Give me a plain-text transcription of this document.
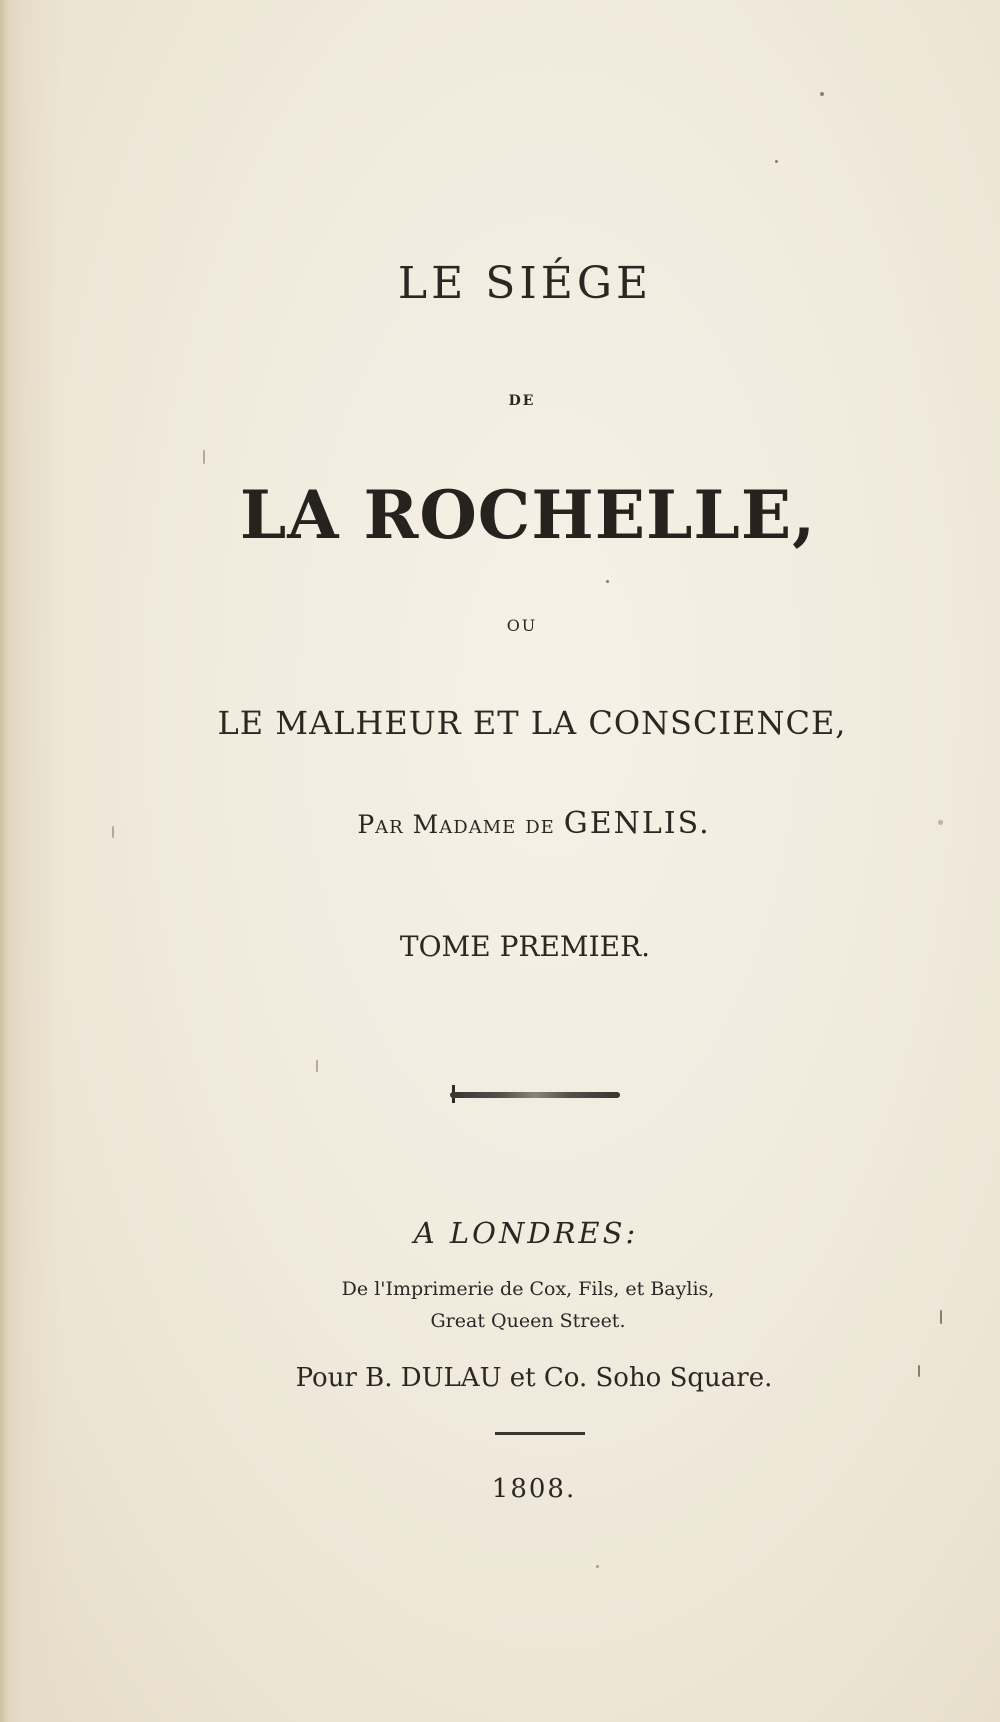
LE SIÉGE
DE
LA ROCHELLE,
OU
LE MALHEUR ET LA CONSCIENCE,
Par Madame de GENLIS.
TOME PREMIER.
A LONDRES:
De l'Imprimerie de Cox, Fils, et Baylis,
Great Queen Street.
Pour B. DULAU et Co. Soho Square.
1808.
